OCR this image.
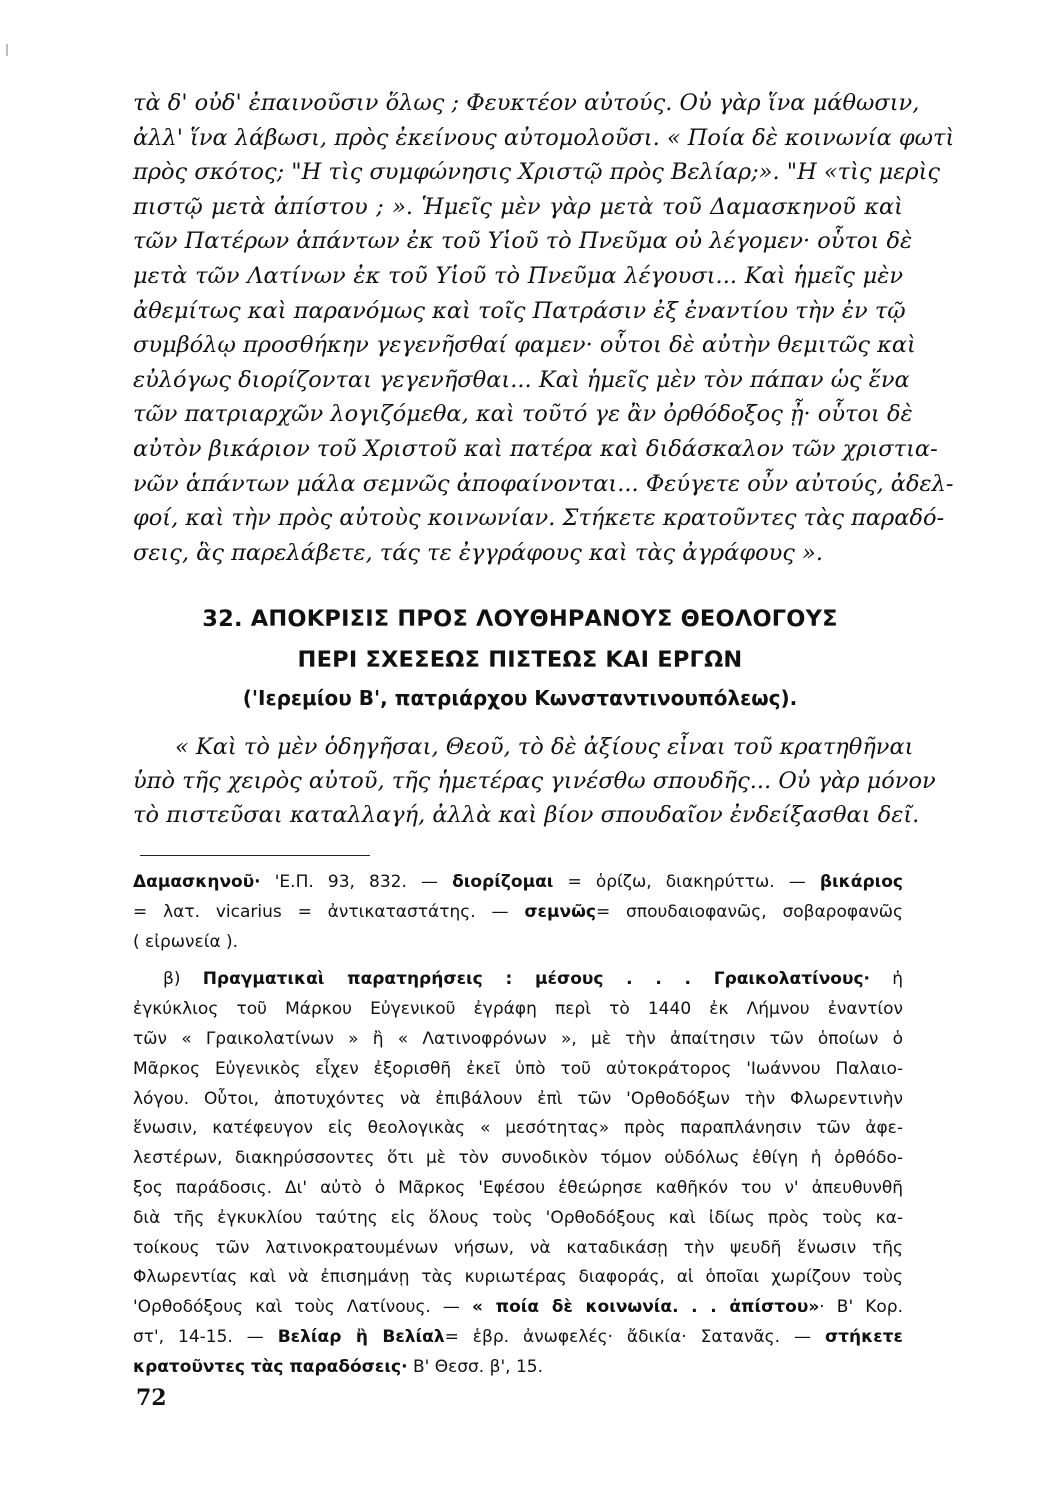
τὰ δ' οὐδ' ἐπαινοῦσιν ὅλως ; Φευκτέον αὐτούς. Οὐ γὰρ ἵνα μάθωσιν,
ἀλλ' ἵνα λάβωσι, πρὸς ἐκείνους αὐτομολοῦσι. « Ποία δὲ κοινωνία φωτὶ
πρὸς σκότος; "Η τὶς συμφώνησις Χριστῷ πρὸς Βελίαρ;». "Η «τὶς μερὶς
πιστῷ μετὰ ἀπίστου ; ». Ἡμεῖς μὲν γὰρ μετὰ τοῦ Δαμασκηνοῦ καὶ
τῶν Πατέρων ἁπάντων ἐκ τοῦ Υἱοῦ τὸ Πνεῦμα οὐ λέγομεν· οὗτοι δὲ
μετὰ τῶν Λατίνων ἐκ τοῦ Υἱοῦ τὸ Πνεῦμα λέγουσι... Καὶ ἡμεῖς μὲν
ἀθεμίτως καὶ παρανόμως καὶ τοῖς Πατράσιν ἐξ ἐναντίου τὴν ἐν τῷ
συμβόλῳ προσθήκην γεγενῆσθαί φαμεν· οὗτοι δὲ αὐτὴν θεμιτῶς καὶ
εὐλόγως διορίζονται γεγενῆσθαι... Καὶ ἡμεῖς μὲν τὸν πάπαν ὡς ἕνα
τῶν πατριαρχῶν λογιζόμεθα, καὶ τοῦτό γε ἂν ὀρθόδοξος ᾖ· οὗτοι δὲ
αὐτὸν βικάριον τοῦ Χριστοῦ καὶ πατέρα καὶ διδάσκαλον τῶν χριστια-
νῶν ἁπάντων μάλα σεμνῶς ἀποφαίνονται... Φεύγετε οὖν αὐτούς, ἀδελ-
φοί, καὶ τὴν πρὸς αὐτοὺς κοινωνίαν. Στήκετε κρατοῦντες τὰς παραδό-
σεις, ἃς παρελάβετε, τάς τε ἐγγράφους καὶ τὰς ἀγράφους ».
32. ΑΠΟΚΡΙΣΙΣ ΠΡΟΣ ΛΟΥΘΗΡΑΝΟΥΣ ΘΕΟΛΟΓΟΥΣ
ΠΕΡΙ ΣΧΕΣΕΩΣ ΠΙΣΤΕΩΣ ΚΑΙ ΕΡΓΩΝ
('Ιερεμίου Β', πατριάρχου Κωνσταντινουπόλεως).
« Καὶ τὸ μὲν ὁδηγῆσαι, Θεοῦ, τὸ δὲ ἀξίους εἶναι τοῦ κρατηθῆναι
ὑπὸ τῆς χειρὸς αὐτοῦ, τῆς ἡμετέρας γινέσθω σπουδῆς... Οὐ γὰρ μόνον
τὸ πιστεῦσαι καταλλαγή, ἀλλὰ καὶ βίον σπουδαῖον ἐνδείξασθαι δεῖ.
Δαμασκηνοῦ· 'Ε.Π. 93, 832. — διορίζομαι = ὁρίζω, διακηρύττω. — βικάριος
= λατ. vicarius = ἀντικαταστάτης. — σεμνῶς= σπουδαιοφανῶς, σοβαροφανῶς
( εἰρωνεία ).
β) Πραγματικαὶ παρατηρήσεις : μέσους . . . Γραικολατίνους· ἡ
ἐγκύκλιος τοῦ Μάρκου Εὐγενικοῦ ἐγράφη περὶ τὸ 1440 ἐκ Λήμνου ἐναντίον
τῶν « Γραικολατίνων » ἢ « Λατινοφρόνων », μὲ τὴν ἀπαίτησιν τῶν ὁποίων ὁ
Μᾶρκος Εὐγενικὸς εἶχεν ἐξορισθῆ ἐκεῖ ὑπὸ τοῦ αὐτοκράτορος 'Ιωάννου Παλαιο-
λόγου. Οὗτοι, ἀποτυχόντες νὰ ἐπιβάλουν ἐπὶ τῶν 'Ορθοδόξων τὴν Φλωρεντινὴν
ἕνωσιν, κατέφευγον εἰς θεολογικὰς « μεσότητας» πρὸς παραπλάνησιν τῶν ἀφε-
λεστέρων, διακηρύσσοντες ὅτι μὲ τὸν συνοδικὸν τόμον οὐδόλως ἐθίγη ἡ ὀρθόδο-
ξος παράδοσις. Δι' αὐτὸ ὁ Μᾶρκος 'Εφέσου ἐθεώρησε καθῆκόν του ν' ἀπευθυνθῆ
διὰ τῆς ἐγκυκλίου ταύτης εἰς ὅλους τοὺς 'Ορθοδόξους καὶ ἰδίως πρὸς τοὺς κα-
τοίκους τῶν λατινοκρατουμένων νήσων, νὰ καταδικάσῃ τὴν ψευδῆ ἕνωσιν τῆς
Φλωρεντίας καὶ νὰ ἐπισημάνῃ τὰς κυριωτέρας διαφοράς, αἱ ὁποῖαι χωρίζουν τοὺς
'Ορθοδόξους καὶ τοὺς Λατίνους. — « ποία δὲ κοινωνία. . . ἀπίστου»· Β' Κορ.
στ', 14-15. — Βελίαρ ἢ Βελίαλ= ἑβρ. ἀνωφελές· ἄδικία· Σατανᾶς. — στήκετε
κρατοῦντες τὰς παραδόσεις· Β' Θεσσ. β', 15.
72
